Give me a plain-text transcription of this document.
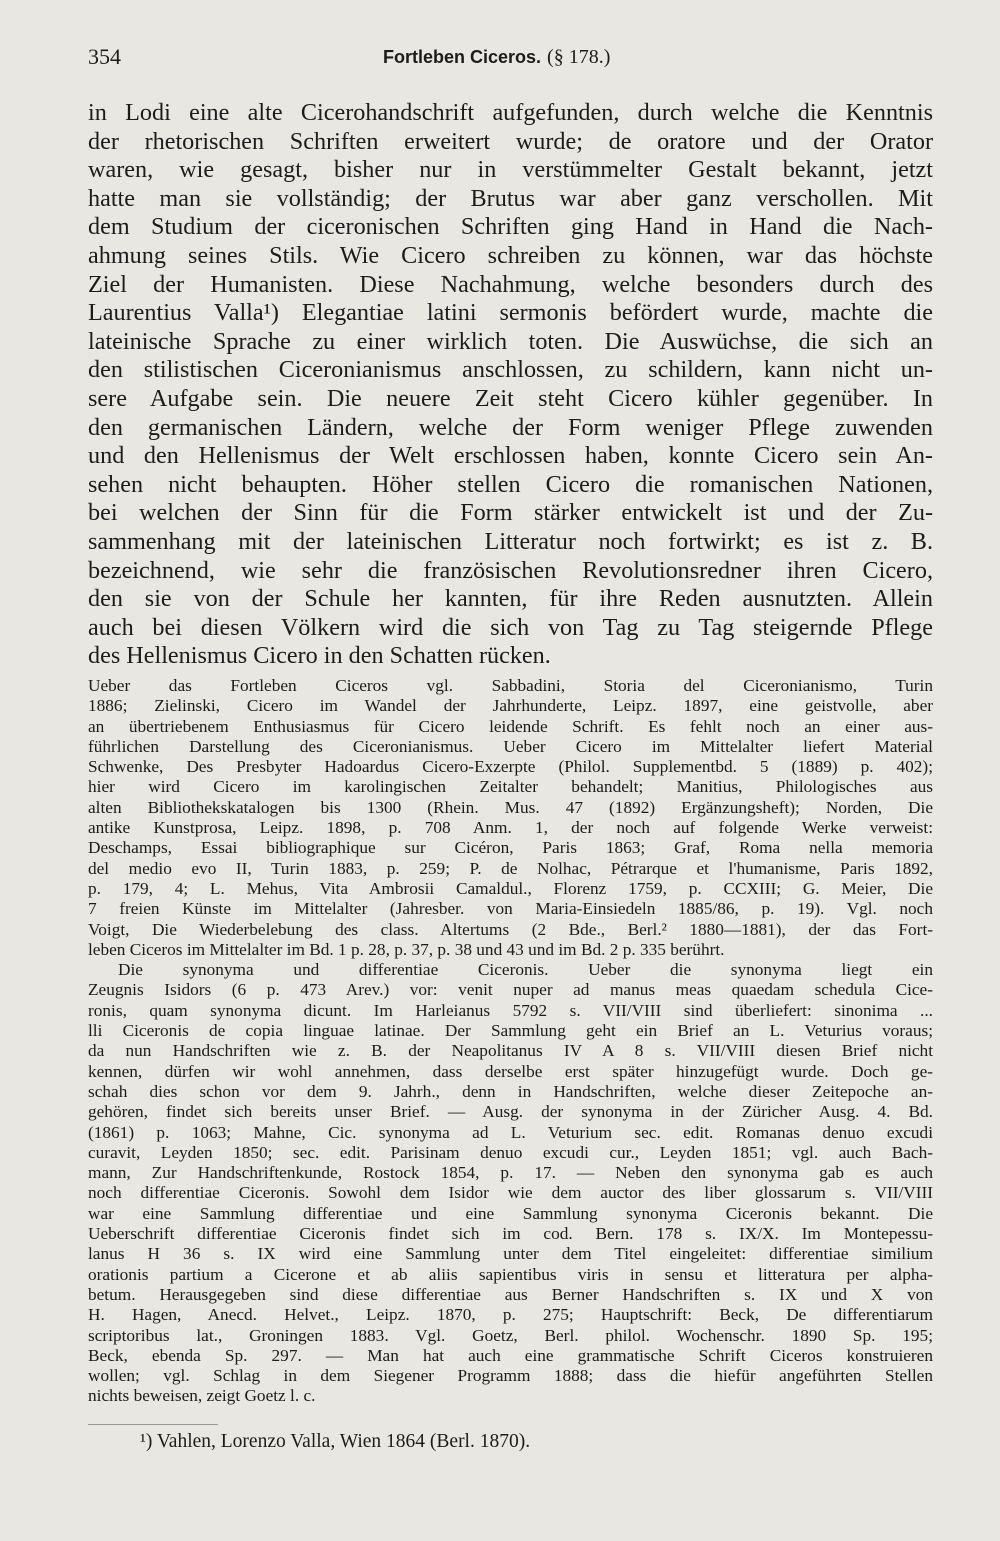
354	Fortleben Ciceros. (§ 178.)
in Lodi eine alte Cicerohandschrift aufgefunden, durch welche die Kenntnis
der rhetorischen Schriften erweitert wurde; de oratore und der Orator
waren, wie gesagt, bisher nur in verstümmelter Gestalt bekannt, jetzt
hatte man sie vollständig; der Brutus war aber ganz verschollen. Mit
dem Studium der ciceronischen Schriften ging Hand in Hand die Nach-
ahmung seines Stils. Wie Cicero schreiben zu können, war das höchste
Ziel der Humanisten. Diese Nachahmung, welche besonders durch des
Laurentius Valla¹) Elegantiae latini sermonis befördert wurde, machte die
lateinische Sprache zu einer wirklich toten. Die Auswüchse, die sich an
den stilistischen Ciceronianismus anschlossen, zu schildern, kann nicht un-
sere Aufgabe sein. Die neuere Zeit steht Cicero kühler gegenüber. In
den germanischen Ländern, welche der Form weniger Pflege zuwenden
und den Hellenismus der Welt erschlossen haben, konnte Cicero sein An-
sehen nicht behaupten. Höher stellen Cicero die romanischen Nationen,
bei welchen der Sinn für die Form stärker entwickelt ist und der Zu-
sammenhang mit der lateinischen Litteratur noch fortwirkt; es ist z. B.
bezeichnend, wie sehr die französischen Revolutionsredner ihren Cicero,
den sie von der Schule her kannten, für ihre Reden ausnutzten. Allein
auch bei diesen Völkern wird die sich von Tag zu Tag steigernde Pflege
des Hellenismus Cicero in den Schatten rücken.
Ueber das Fortleben Ciceros vgl. Sabbadini, Storia del Ciceronianismo, Turin
1886; Zielinski, Cicero im Wandel der Jahrhunderte, Leipz. 1897, eine geistvolle, aber
an übertriebenem Enthusiasmus für Cicero leidende Schrift. Es fehlt noch an einer aus-
führlichen Darstellung des Ciceronianismus. Ueber Cicero im Mittelalter liefert Material
Schwenke, Des Presbyter Hadoardus Cicero-Exzerpte (Philol. Supplementbd. 5 (1889) p. 402);
hier wird Cicero im karolingischen Zeitalter behandelt; Manitius, Philologisches aus
alten Bibliothekskatalogen bis 1300 (Rhein. Mus. 47 (1892) Ergänzungsheft); Norden, Die
antike Kunstprosa, Leipz. 1898, p. 708 Anm. 1, der noch auf folgende Werke verweist:
Deschamps, Essai bibliographique sur Cicéron, Paris 1863; Graf, Roma nella memoria
del medio evo II, Turin 1883, p. 259; P. de Nolhac, Pétrarque et l'humanisme, Paris 1892,
p. 179, 4; L. Mehus, Vita Ambrosii Camaldul., Florenz 1759, p. CCXIII; G. Meier, Die
7 freien Künste im Mittelalter (Jahresber. von Maria-Einsiedeln 1885/86, p. 19). Vgl. noch
Voigt, Die Wiederbelebung des class. Altertums (2 Bde., Berl.² 1880—1881), der das Fort-
leben Ciceros im Mittelalter im Bd. 1 p. 28, p. 37, p. 38 und 43 und im Bd. 2 p. 335 berührt.
Die synonyma und differentiae Ciceronis. Ueber die synonyma liegt ein
Zeugnis Isidors (6 p. 473 Arev.) vor: venit nuper ad manus meas quaedam schedula Cice-
ronis, quam synonyma dicunt. Im Harleianus 5792 s. VII/VIII sind überliefert: sinonima ...
lli Ciceronis de copia linguae latinae. Der Sammlung geht ein Brief an L. Veturius voraus;
da nun Handschriften wie z. B. der Neapolitanus IV A 8 s. VII/VIII diesen Brief nicht
kennen, dürfen wir wohl annehmen, dass derselbe erst später hinzugefügt wurde. Doch ge-
schah dies schon vor dem 9. Jahrh., denn in Handschriften, welche dieser Zeitepoche an-
gehören, findet sich bereits unser Brief. — Ausg. der synonyma in der Züricher Ausg. 4. Bd.
(1861) p. 1063; Mahne, Cic. synonyma ad L. Veturium sec. edit. Romanas denuo excudi
curavit, Leyden 1850; sec. edit. Parisinam denuo excudi cur., Leyden 1851; vgl. auch Bach-
mann, Zur Handschriftenkunde, Rostock 1854, p. 17. — Neben den synonyma gab es auch
noch differentiae Ciceronis. Sowohl dem Isidor wie dem auctor des liber glossarum s. VII/VIII
war eine Sammlung differentiae und eine Sammlung synonyma Ciceronis bekannt. Die
Ueberschrift differentiae Ciceronis findet sich im cod. Bern. 178 s. IX/X. Im Montepessu-
lanus H 36 s. IX wird eine Sammlung unter dem Titel eingeleitet: differentiae similium
orationis partium a Cicerone et ab aliis sapientibus viris in sensu et litteratura per alpha-
betum. Herausgegeben sind diese differentiae aus Berner Handschriften s. IX und X von
H. Hagen, Anecd. Helvet., Leipz. 1870, p. 275; Hauptschrift: Beck, De differentiarum
scriptoribus lat., Groningen 1883. Vgl. Goetz, Berl. philol. Wochenschr. 1890 Sp. 195;
Beck, ebenda Sp. 297. — Man hat auch eine grammatische Schrift Ciceros konstruieren
wollen; vgl. Schlag in dem Siegener Programm 1888; dass die hiefür angeführten Stellen
nichts beweisen, zeigt Goetz l. c.
¹) Vahlen, Lorenzo Valla, Wien 1864 (Berl. 1870).
